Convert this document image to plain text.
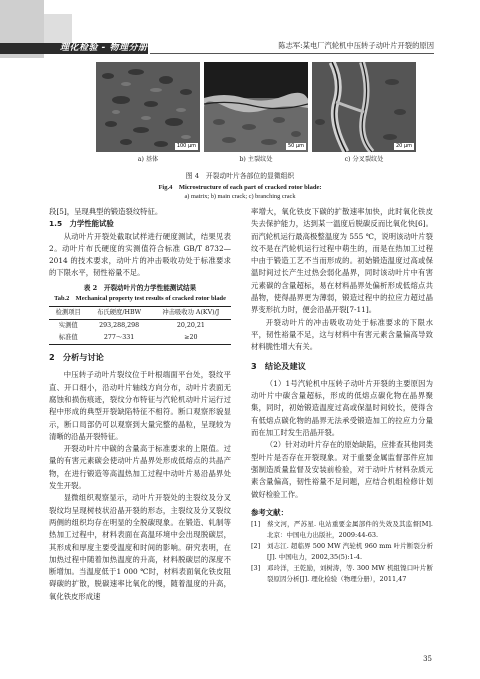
理化检验 - 物理分册	陈志军:某电厂汽轮机中压转子动叶片开裂的原因
100 μm	50 μm	20 μm
a) 基体	b) 主裂纹处	c) 分叉裂纹处
图 4　开裂动叶片各部位的显微组织
Fig.4　Microstructure of each part of cracked rotor blade:
a) matrix; b) main crack; c) branching crack
段[5]，呈现典型的锻造裂纹特征。
1.5　力学性能试验
从动叶片开裂处截取试样进行硬度测试，结果见表2。动叶片布氏硬度的实测值符合标准 GB/T 8732—2014 的技术要求，动叶片的冲击吸收功处于标准要求的下限水平，韧性裕量不足。
表 2　开裂动叶片的力学性能测试结果
Tab.2　Mechanical property test results of cracked rotor blade
检测项目	布氏硬度/HBW	冲击吸收功 A(KV)/J
实测值	293,288,298	20,20,21
标准值	277～331	≥20
2　分析与讨论
中压转子动叶片裂纹位于叶根端面平台处，裂纹平直、开口细小，沿动叶片轴线方向分布，动叶片表面无腐蚀和损伤痕迹，裂纹分布特征与汽轮机动叶片运行过程中形成的典型开裂缺陷特征不相符。断口观察形貌显示，断口局部仍可以观察到大量完整的晶粒，呈现较为清晰的沿晶开裂特征。
开裂动叶片中碳的含量高于标准要求的上限值。过量的有害元素碳会使动叶片晶界处形成低熔点的共晶产物，在进行锻造等高温热加工过程中动叶片易沿晶界处发生开裂。
显微组织观察显示，动叶片开裂处的主裂纹及分叉裂纹均呈现树枝状沿晶开裂的形态，主裂纹及分叉裂纹两侧的组织均存在明显的全脱碳现象。在锻造、轧制等热加工过程中，材料表面在高温环境中会出现脱碳层，其形成和厚度主要受温度和时间的影响。研究表明，在加热过程中随着加热温度的升高，材料脱碳层的深度不断增加。当温度低于1 000 ℃时，材料表面氧化铁皮阻碍碳的扩散，脱碳速率比氧化的慢，随着温度的升高，氧化铁皮形成速
率增大，氧化铁皮下碳的扩散速率加快，此时氧化铁皮失去保护能力，达到某一温度后脱碳反而比氧化快[6]。而汽轮机运行最高极整温度为 555 ℃，说明该动叶片裂纹不是在汽轮机运行过程中萌生的，而是在热加工过程中由于锻造工艺不当而形成的。初始锻造温度过高或保温时间过长产生过热会弱化晶界，同时该动叶片中有害元素碳的含量超标，易在材料晶界处偏析形成低熔点共晶物，使得晶界更为薄弱，锻造过程中的拉应力超过晶界变形抗力时，便会沿晶开裂[7-11]。
开裂动叶片的冲击吸收功处于标准要求的下限水平，韧性裕量不足，这与材料中有害元素含量偏高导致材料脆性增大有关。
3　结论及建议
（1）1号汽轮机中压转子动叶片开裂的主要原因为动叶片中碳含量超标，形成的低熔点碳化物在晶界聚集，同时，初始锻造温度过高或保温时间较长，使得含有低熔点碳化物的晶界无法承受锻造加工的拉应力分量而在加工时发生沿晶开裂。
（2）针对动叶片存在的原始缺陷，应排查其他同类型叶片是否存在开裂现象。对于重要金属监督部件应加强制造质量监督及安装前检验，对于动叶片材料杂质元素含量偏高，韧性裕量不足问题，应结合机组检修计划做好检验工作。
参考文献：
[1]	蔡文河，严苏星. 电站重要金属部件的失效及其监督[M]. 北京：中国电力出版社，2009:44-63.
[2]	刘志江. 超临界 500 MW 汽轮机 960 mm 叶片断裂分析[J]. 中国电力，2002,35(5):1-4.
[3]	邓玲洋，王乾励，刘树涛，等. 300 MW 机组镍口叶片断裂原因分析[J]. 理化检验（物理分册），2011,47
35
